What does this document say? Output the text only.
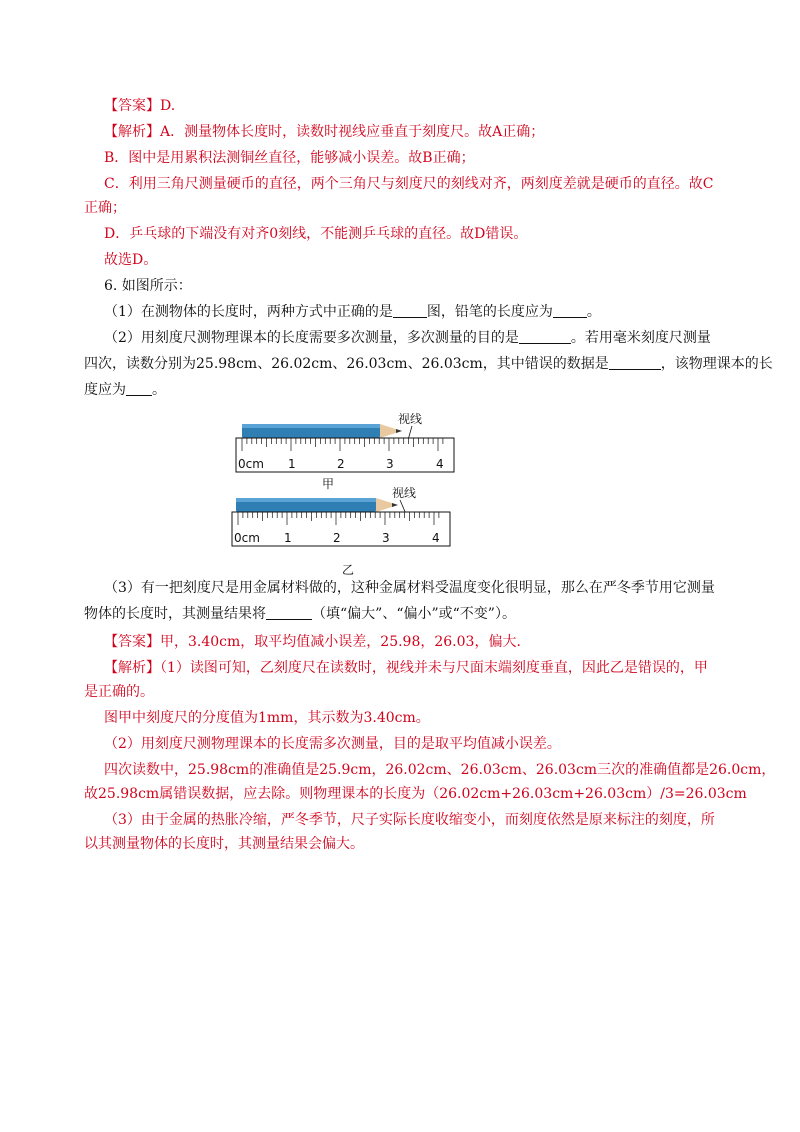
【答案】D.
【解析】A．测量物体长度时，读数时视线应垂直于刻度尺。故A正确；
B．图中是用累积法测铜丝直径，能够减小误差。故B正确；
C．利用三角尺测量硬币的直径，两个三角尺与刻度尺的刻线对齐，两刻度差就是硬币的直径。故C
正确；
D．乒乓球的下端没有对齐0刻线，不能测乒乓球的直径。故D错误。
故选D。
6. 如图所示：
（1）在测物体的长度时，两种方式中正确的是 图，铅笔的长度应为 。
（2）用刻度尺测物理课本的长度需要多次测量，多次测量的目的是	。若用毫米刻度尺测量
四次，读数分别为25.98cm、26.02cm、26.03cm、26.03cm，其中错误的数据是	，该物理课本的长
度应为 。
视线
0cm 1	2	3	4
甲
视线
0cm 1	2	3	4
乙
（3）有一把刻度尺是用金属材料做的，这种金属材料受温度变化很明显，那么在严冬季节用它测量
物体的长度时，其测量结果将	（填“偏大”、“偏小”或“不变”）。
【答案】甲，3.40cm，取平均值减小误差，25.98，26.03，偏大.
【解析】（1）读图可知，乙刻度尺在读数时，视线并未与尺面末端刻度垂直，因此乙是错误的，甲
是正确的。
图甲中刻度尺的分度值为1mm，其示数为3.40cm。
（2）用刻度尺测物理课本的长度需多次测量，目的是取平均值减小误差。
四次读数中，25.98cm的准确值是25.9cm，26.02cm、26.03cm、26.03cm三次的准确值都是26.0cm，
故25.98cm属错误数据，应去除。则物理课本的长度为（26.02cm+26.03cm+26.03cm）/3=26.03cm
（3）由于金属的热胀冷缩，严冬季节，尺子实际长度收缩变小，而刻度依然是原来标注的刻度，所
以其测量物体的长度时，其测量结果会偏大。
